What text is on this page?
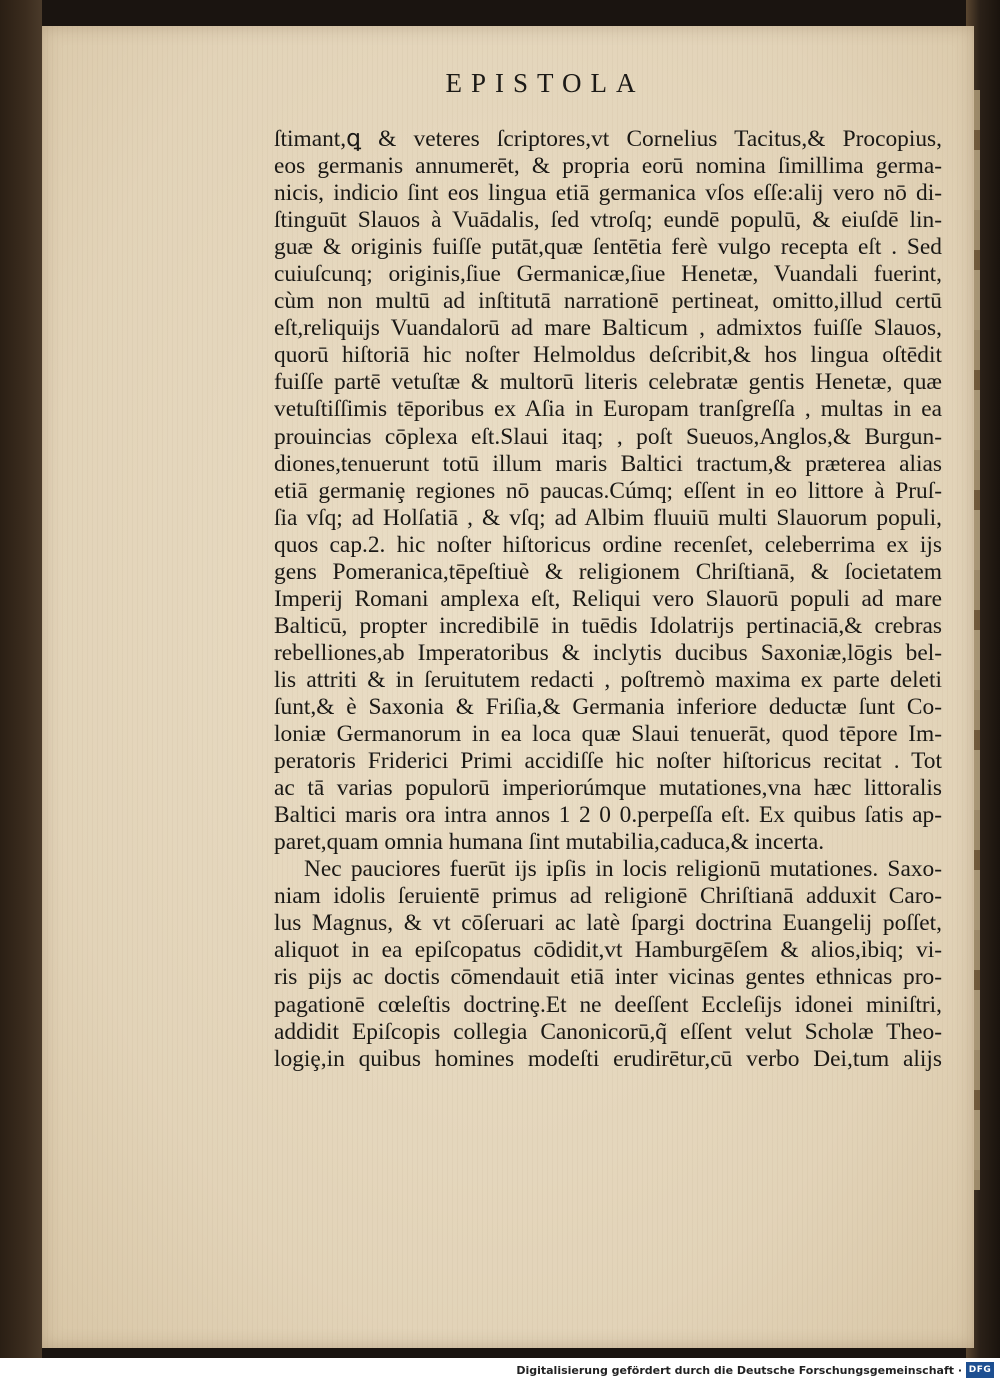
EPISTOLA
ſtimant,ꝗ & veteres ſcriptores,vt Cornelius Tacitus,& Procopius,
eos germanis annumerēt, & propria eorū nomina ſimillima germa-
nicis, indicio ſint eos lingua etiā germanica vſos eſſe:alij vero nō di-
ſtinguūt Slauos à Vuādalis, ſed vtroſq; eundē populū, & eiuſdē lin-
guæ & originis fuiſſe putāt,quæ ſentētia ferè vulgo recepta eſt . Sed
cuiuſcunq; originis,ſiue Germanicæ,ſiue Henetæ, Vuandali fuerint,
cùm non multū ad inſtitutā narrationē pertineat, omitto,illud certū
eſt,reliquijs Vuandalorū ad mare Balticum , admixtos fuiſſe Slauos,
quorū hiſtoriā hic noſter Helmoldus deſcribit,& hos lingua oſtēdit
fuiſſe partē vetuſtæ & multorū literis celebratæ gentis Henetæ, quæ
vetuſtiſſimis tēporibus ex Aſia in Europam tranſgreſſa , multas in ea
prouincias cōplexa eſt.Slaui itaq; , poſt Sueuos,Anglos,& Burgun-
diones,tenuerunt totū illum maris Baltici tractum,& præterea alias
etiā germaniȩ regiones nō paucas.Cúmq; eſſent in eo littore à Pruſ-
ſia vſq; ad Holſatiā , & vſq; ad Albim fluuiū multi Slauorum populi,
quos cap.2. hic noſter hiſtoricus ordine recenſet, celeberrima ex ijs
gens Pomeranica,tēpeſtiuè & religionem Chriſtianā, & ſocietatem
Imperij Romani amplexa eſt, Reliqui vero Slauorū populi ad mare
Balticū, propter incredibilē in tuēdis Idolatrijs pertinaciā,& crebras
rebelliones,ab Imperatoribus & inclytis ducibus Saxoniæ,lōgis bel-
lis attriti & in ſeruitutem redacti , poſtremò maxima ex parte deleti
ſunt,& è Saxonia & Friſia,& Germania inferiore deductæ ſunt Co-
loniæ Germanorum in ea loca quæ Slaui tenuerāt, quod tēpore Im-
peratoris Friderici Primi accidiſſe hic noſter hiſtoricus recitat . Tot
ac tā varias populorū imperiorúmque mutationes,vna hæc littoralis
Baltici maris ora intra annos 1 2 0 0.perpeſſa eſt. Ex quibus ſatis ap-
paret,quam omnia humana ſint mutabilia,caduca,& incerta.
Nec pauciores fuerūt ijs ipſis in locis religionū mutationes. Saxo-
niam idolis ſeruientē primus ad religionē Chriſtianā adduxit Caro-
lus Magnus, & vt cōſeruari ac latè ſpargi doctrina Euangelij poſſet,
aliquot in ea epiſcopatus cōdidit,vt Hamburgēſem & alios,ibiq; vi-
ris pijs ac doctis cōmendauit etiā inter vicinas gentes ethnicas pro-
pagationē cœleſtis doctrinȩ.Et ne deeſſent Eccleſijs idonei miniſtri,
addidit Epiſcopis collegia Canonicorū,q̃ eſſent velut Scholæ Theo-
logiȩ,in quibus homines modeſti erudirētur,cū verbo Dei,tum alijs
Digitalisierung gefördert durch die Deutsche Forschungsgemeinschaft · DFG
